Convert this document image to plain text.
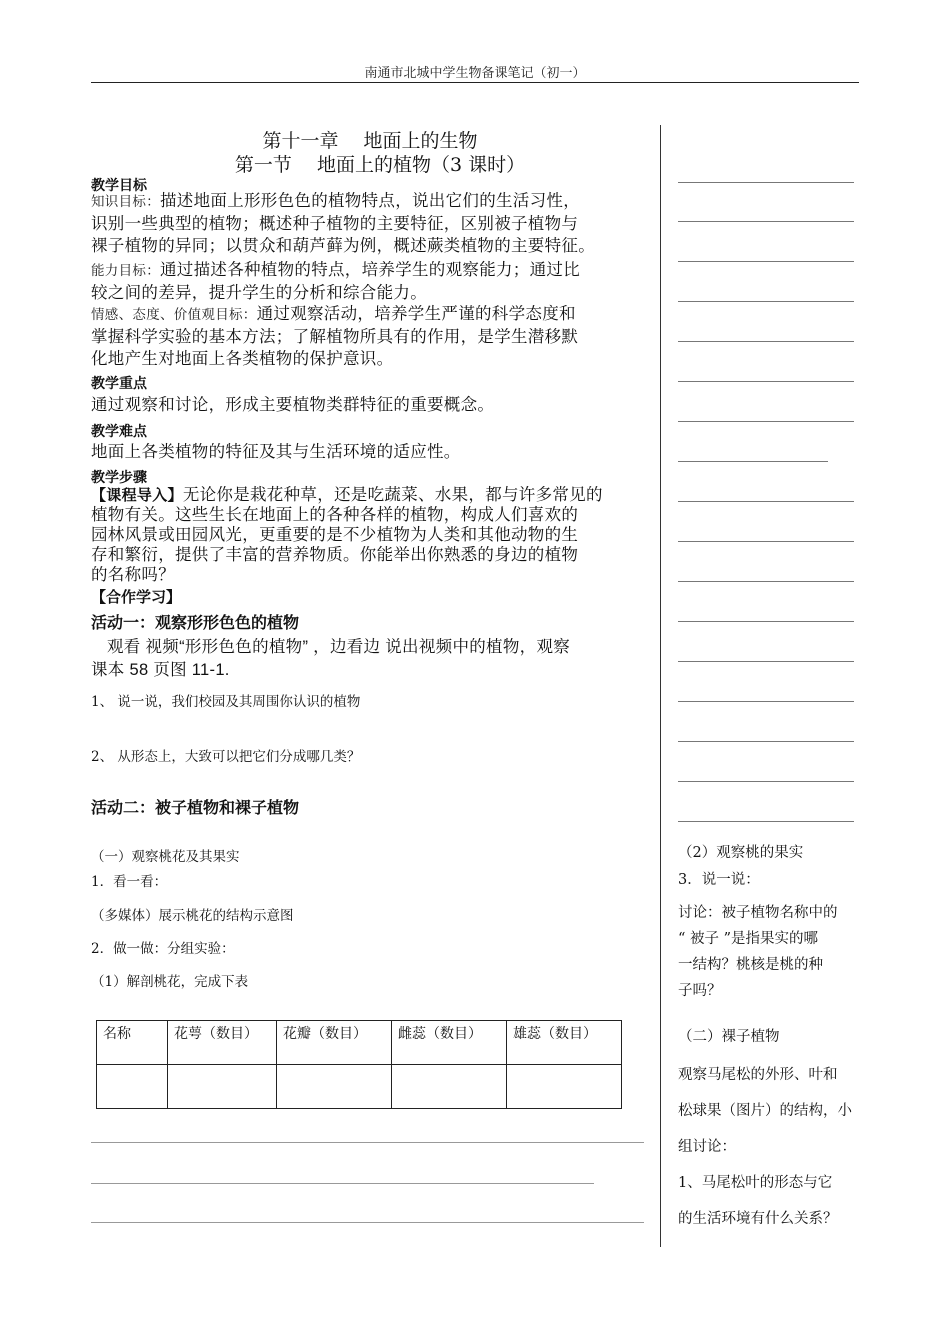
南通市北城中学生物备课笔记（初一）
第十一章　 地面上的生物
第一节　 地面上的植物（3 课时）
教学目标
知识目标：描述地面上形形色色的植物特点，说出它们的生活习性，
识别一些典型的植物；概述种子植物的主要特征，区别被子植物与
裸子植物的异同；以贯众和葫芦藓为例，概述蕨类植物的主要特征。
能力目标：通过描述各种植物的特点，培养学生的观察能力；通过比
较之间的差异，提升学生的分析和综合能力。
情感、态度、价值观目标：通过观察活动，培养学生严谨的科学态度和
掌握科学实验的基本方法；了解植物所具有的作用，是学生潜移默
化地产生对地面上各类植物的保护意识。
教学重点
通过观察和讨论，形成主要植物类群特征的重要概念。
教学难点
地面上各类植物的特征及其与生活环境的适应性。
教学步骤
【课程导入】无论你是栽花种草，还是吃蔬菜、水果，都与许多常见的
植物有关。这些生长在地面上的各种各样的植物，构成人们喜欢的
园林风景或田园风光，更重要的是不少植物为人类和其他动物的生
存和繁衍，提供了丰富的营养物质。你能举出你熟悉的身边的植物
的名称吗？
【合作学习】
活动一：观察形形色色的植物
观看 视频“形形色色的植物” ，边看边 说出视频中的植物，观察
课本 58 页图 11-1.
1、 说一说，我们校园及其周围你认识的植物
2、 从形态上，大致可以把它们分成哪几类？
活动二：被子植物和裸子植物
（一）观察桃花及其果实
1．看一看：
（多媒体）展示桃花的结构示意图
2．做一做：分组实验：
（1）解剖桃花，完成下表
名称	花萼（数目）	花瓣（数目）	雌蕊（数目）	雄蕊（数目）

（2）观察桃的果实
3．说一说：
讨论：被子植物名称中的
“ 被子 ”是指果实的哪
一结构？桃核是桃的种
子吗？
（二）裸子植物
观察马尾松的外形、叶和
松球果（图片）的结构，小
组讨论：
1、马尾松叶的形态与它
的生活环境有什么关系？
